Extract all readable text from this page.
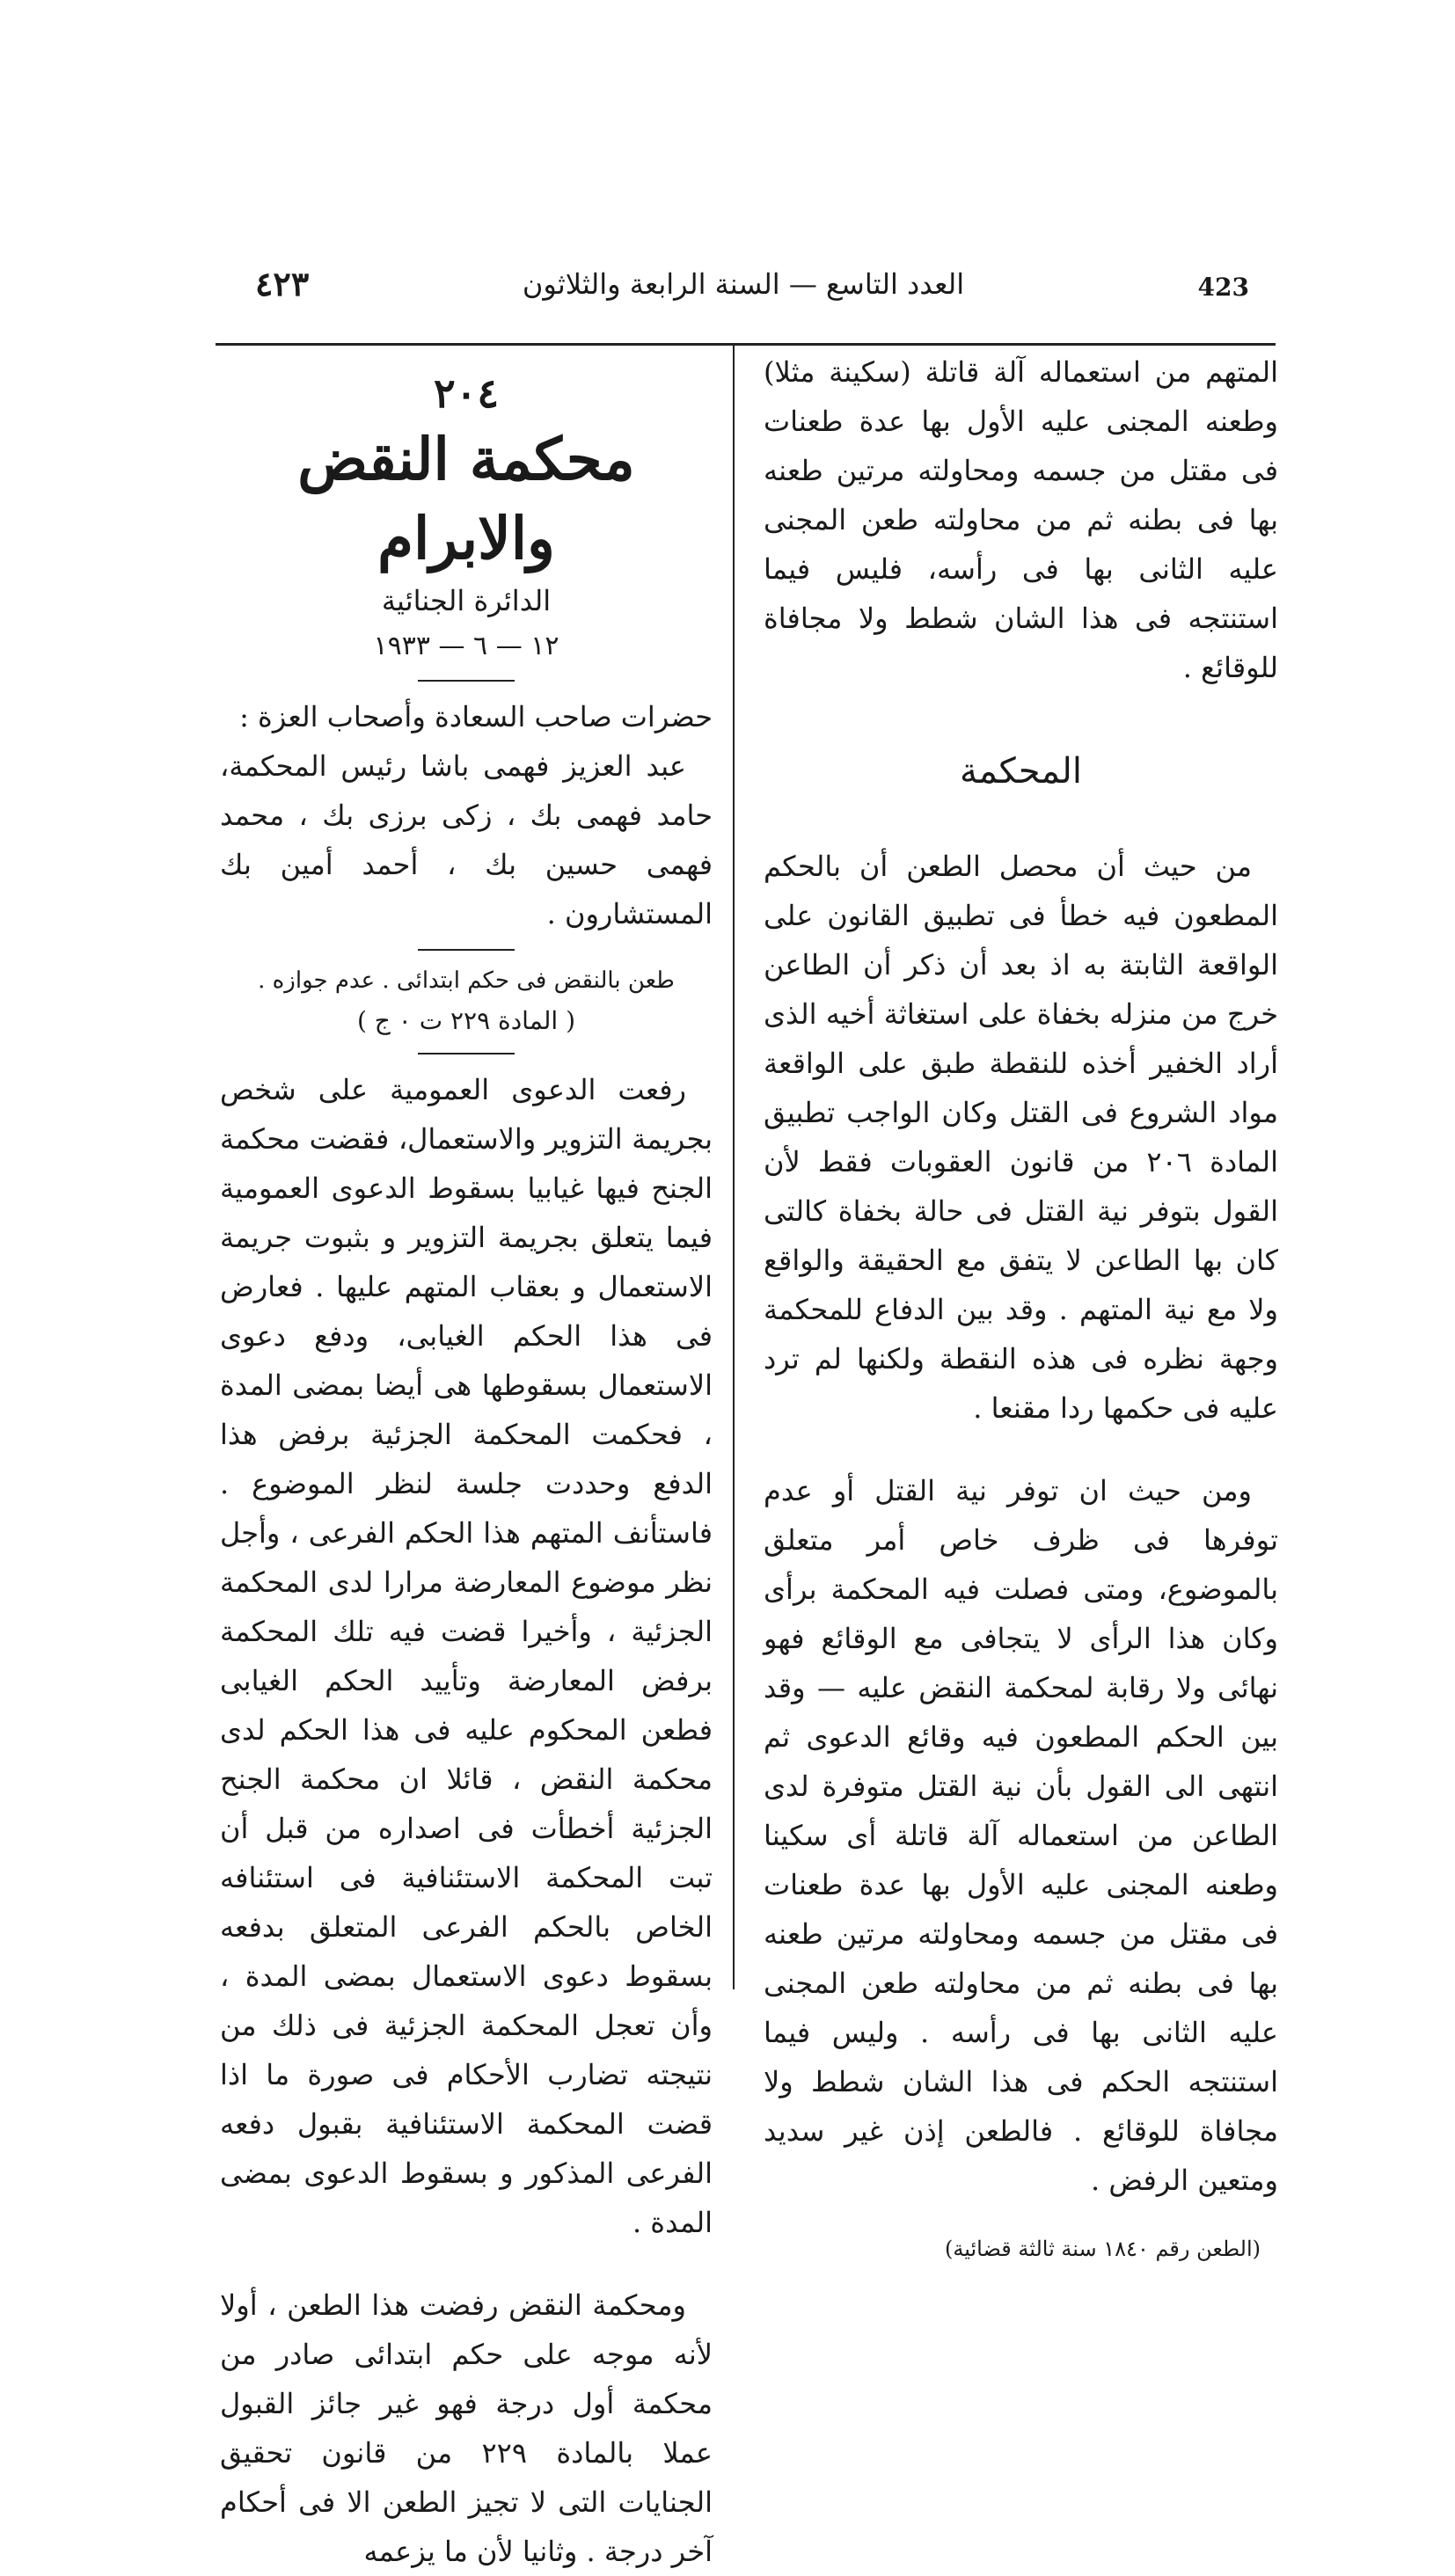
٤٢٣	العدد التاسع — السنة الرابعة والثلاثون	423

المتهم من استعماله آلة قاتلة (سكينة مثلا) وطعنه المجنى عليه الأول بها عدة طعنات فى مقتل من جسمه ومحاولته مرتين طعنه بها فى بطنه ثم من محاولته طعن المجنى عليه الثانى بها فى رأسه، فليس فيما استنتجه فى هذا الشان شطط ولا مجافاة للوقائع .

المحكمة

من حيث أن محصل الطعن أن بالحكم المطعون فيه خطأ فى تطبيق القانون على الواقعة الثابتة به اذ بعد أن ذكر أن الطاعن خرج من منزله بخفاة على استغاثة أخيه الذى أراد الخفير أخذه للنقطة طبق على الواقعة مواد الشروع فى القتل وكان الواجب تطبيق المادة ٢٠٦ من قانون العقوبات فقط لأن القول بتوفر نية القتل فى حالة بخفاة كالتى كان بها الطاعن لا يتفق مع الحقيقة والواقع ولا مع نية المتهم . وقد بين الدفاع للمحكمة وجهة نظره فى هذه النقطة ولكنها لم ترد عليه فى حكمها ردا مقنعا .

ومن حيث ان توفر نية القتل أو عدم توفرها فى ظرف خاص أمر متعلق بالموضوع، ومتى فصلت فيه المحكمة برأى وكان هذا الرأى لا يتجافى مع الوقائع فهو نهائى ولا رقابة لمحكمة النقض عليه — وقد بين الحكم المطعون فيه وقائع الدعوى ثم انتهى الى القول بأن نية القتل متوفرة لدى الطاعن من استعماله آلة قاتلة أى سكينا وطعنه المجنى عليه الأول بها عدة طعنات فى مقتل من جسمه ومحاولته مرتين طعنه بها فى بطنه ثم من محاولته طعن المجنى عليه الثانى بها فى رأسه . وليس فيما استنتجه الحكم فى هذا الشان شطط ولا مجافاة للوقائع . فالطعن إذن غير سديد ومتعين الرفض .

(الطعن رقم ١٨٤٠ سنة ثالثة قضائية)

٢٠٤
محكمة النقض والابرام
الدائرة الجنائية
١٢ — ٦ — ١٩٣٣

حضرات صاحب السعادة وأصحاب العزة :

عبد العزيز فهمى باشا رئيس المحكمة، حامد فهمى بك ، زكى برزى بك ، محمد فهمى حسين بك ، أحمد أمين بك المستشارون .

طعن بالنقض فى حكم ابتدائى . عدم جوازه .

( المادة ٢٢٩ ت ٠ ج )

رفعت الدعوى العمومية على شخص بجريمة التزوير والاستعمال، فقضت محكمة الجنح فيها غيابيا بسقوط الدعوى العمومية فيما يتعلق بجريمة التزوير و بثبوت جريمة الاستعمال و بعقاب المتهم عليها . فعارض فى هذا الحكم الغيابى، ودفع دعوى الاستعمال بسقوطها هى أيضا بمضى المدة ، فحكمت المحكمة الجزئية برفض هذا الدفع وحددت جلسة لنظر الموضوع . فاستأنف المتهم هذا الحكم الفرعى ، وأجل نظر موضوع المعارضة مرارا لدى المحكمة الجزئية ، وأخيرا قضت فيه تلك المحكمة برفض المعارضة وتأييد الحكم الغيابى فطعن المحكوم عليه فى هذا الحكم لدى محكمة النقض ، قائلا ان محكمة الجنح الجزئية أخطأت فى اصداره من قبل أن تبت المحكمة الاستئنافية فى استئنافه الخاص بالحكم الفرعى المتعلق بدفعه بسقوط دعوى الاستعمال بمضى المدة ، وأن تعجل المحكمة الجزئية فى ذلك من نتيجته تضارب الأحكام فى صورة ما اذا قضت المحكمة الاستئنافية بقبول دفعه الفرعى المذكور و بسقوط الدعوى بمضى المدة .

ومحكمة النقض رفضت هذا الطعن ، أولا لأنه موجه على حكم ابتدائى صادر من محكمة أول درجة فهو غير جائز القبول عملا بالمادة ٢٢٩ من قانون تحقيق الجنايات التى لا تجيز الطعن الا فى أحكام آخر درجة . وثانيا لأن ما يزعمه
